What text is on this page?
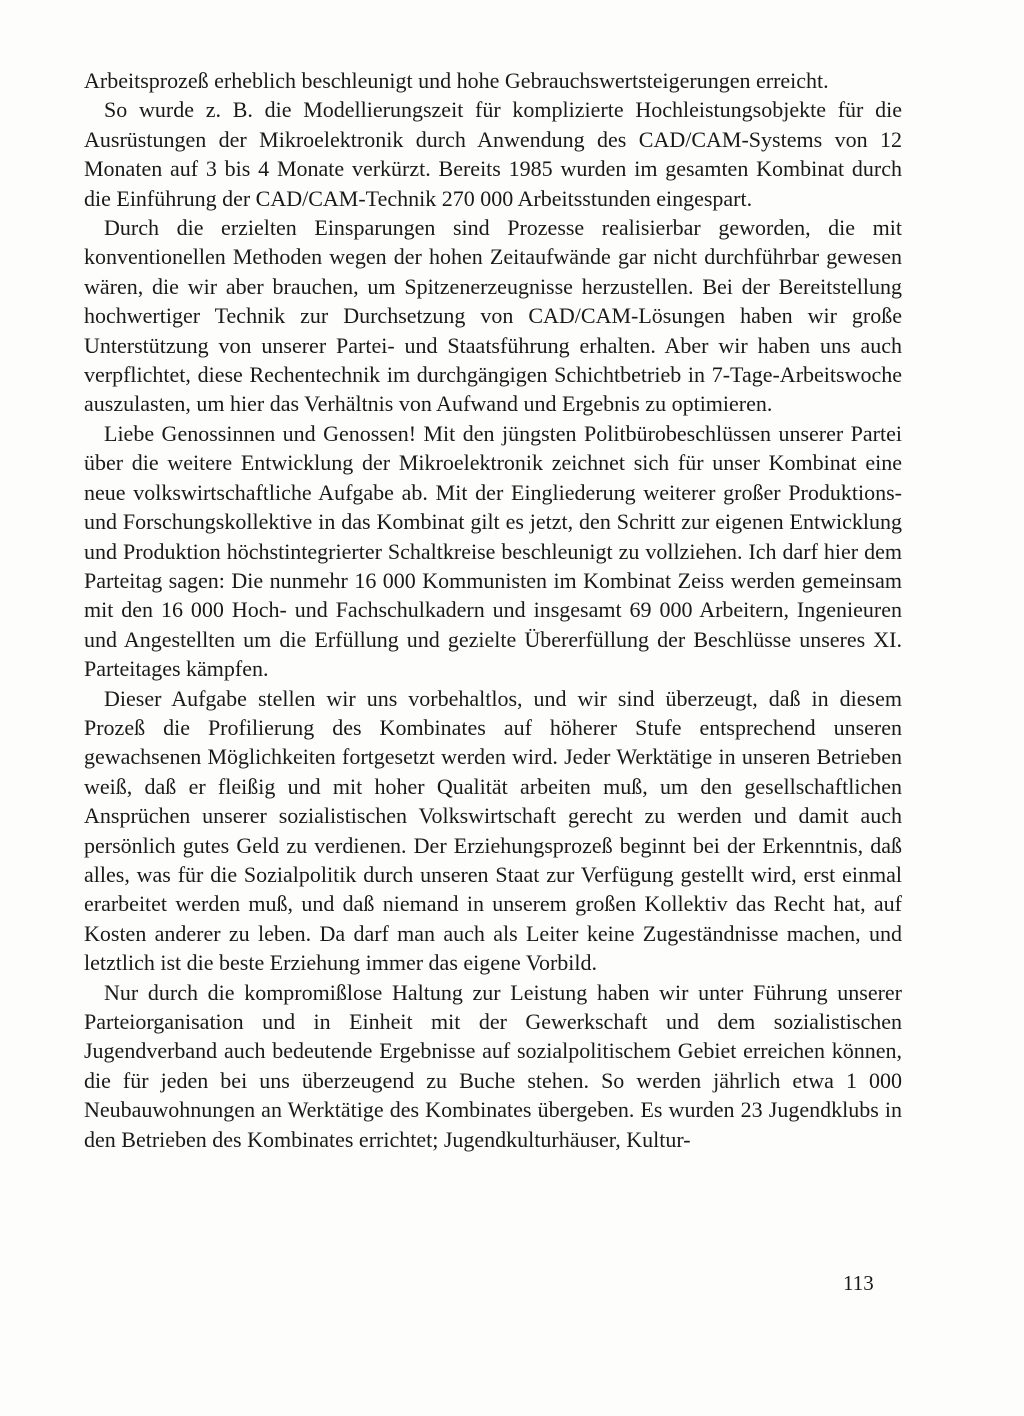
Arbeitsprozeß erheblich beschleunigt und hohe Gebrauchswertsteigerungen erreicht.

So wurde z. B. die Modellierungszeit für komplizierte Hochleistungsobjekte für die Ausrüstungen der Mikroelektronik durch Anwendung des CAD/CAM-Systems von 12 Monaten auf 3 bis 4 Monate verkürzt. Bereits 1985 wurden im gesamten Kombinat durch die Einführung der CAD/CAM-Technik 270 000 Arbeitsstunden eingespart.

Durch die erzielten Einsparungen sind Prozesse realisierbar geworden, die mit konventionellen Methoden wegen der hohen Zeitaufwände gar nicht durchführbar gewesen wären, die wir aber brauchen, um Spitzenerzeugnisse herzustellen. Bei der Bereitstellung hochwertiger Technik zur Durchsetzung von CAD/CAM-Lösungen haben wir große Unterstützung von unserer Partei- und Staatsführung erhalten. Aber wir haben uns auch verpflichtet, diese Rechentechnik im durchgängigen Schichtbetrieb in 7-Tage-Arbeitswoche auszulasten, um hier das Verhältnis von Aufwand und Ergebnis zu optimieren.

Liebe Genossinnen und Genossen! Mit den jüngsten Politbürobeschlüssen unserer Partei über die weitere Entwicklung der Mikroelektronik zeichnet sich für unser Kombinat eine neue volkswirtschaftliche Aufgabe ab. Mit der Eingliederung weiterer großer Produktions- und Forschungskollektive in das Kombinat gilt es jetzt, den Schritt zur eigenen Entwicklung und Produktion höchstintegrierter Schaltkreise beschleunigt zu vollziehen. Ich darf hier dem Parteitag sagen: Die nunmehr 16 000 Kommunisten im Kombinat Zeiss werden gemeinsam mit den 16 000 Hoch- und Fachschulkadern und insgesamt 69 000 Arbeitern, Ingenieuren und Angestellten um die Erfüllung und gezielte Übererfüllung der Beschlüsse unseres XI. Parteitages kämpfen.

Dieser Aufgabe stellen wir uns vorbehaltlos, und wir sind überzeugt, daß in diesem Prozeß die Profilierung des Kombinates auf höherer Stufe entsprechend unseren gewachsenen Möglichkeiten fortgesetzt werden wird. Jeder Werktätige in unseren Betrieben weiß, daß er fleißig und mit hoher Qualität arbeiten muß, um den gesellschaftlichen Ansprüchen unserer sozialistischen Volkswirtschaft gerecht zu werden und damit auch persönlich gutes Geld zu verdienen. Der Erziehungsprozeß beginnt bei der Erkenntnis, daß alles, was für die Sozialpolitik durch unseren Staat zur Verfügung gestellt wird, erst einmal erarbeitet werden muß, und daß niemand in unserem großen Kollektiv das Recht hat, auf Kosten anderer zu leben. Da darf man auch als Leiter keine Zugeständnisse machen, und letztlich ist die beste Erziehung immer das eigene Vorbild.

Nur durch die kompromißlose Haltung zur Leistung haben wir unter Führung unserer Parteiorganisation und in Einheit mit der Gewerkschaft und dem sozialistischen Jugendverband auch bedeutende Ergebnisse auf sozialpolitischem Gebiet erreichen können, die für jeden bei uns überzeugend zu Buche stehen. So werden jährlich etwa 1 000 Neubauwohnungen an Werktätige des Kombinates übergeben. Es wurden 23 Jugendklubs in den Betrieben des Kombinates errichtet; Jugendkulturhäuser, Kultur-

113
